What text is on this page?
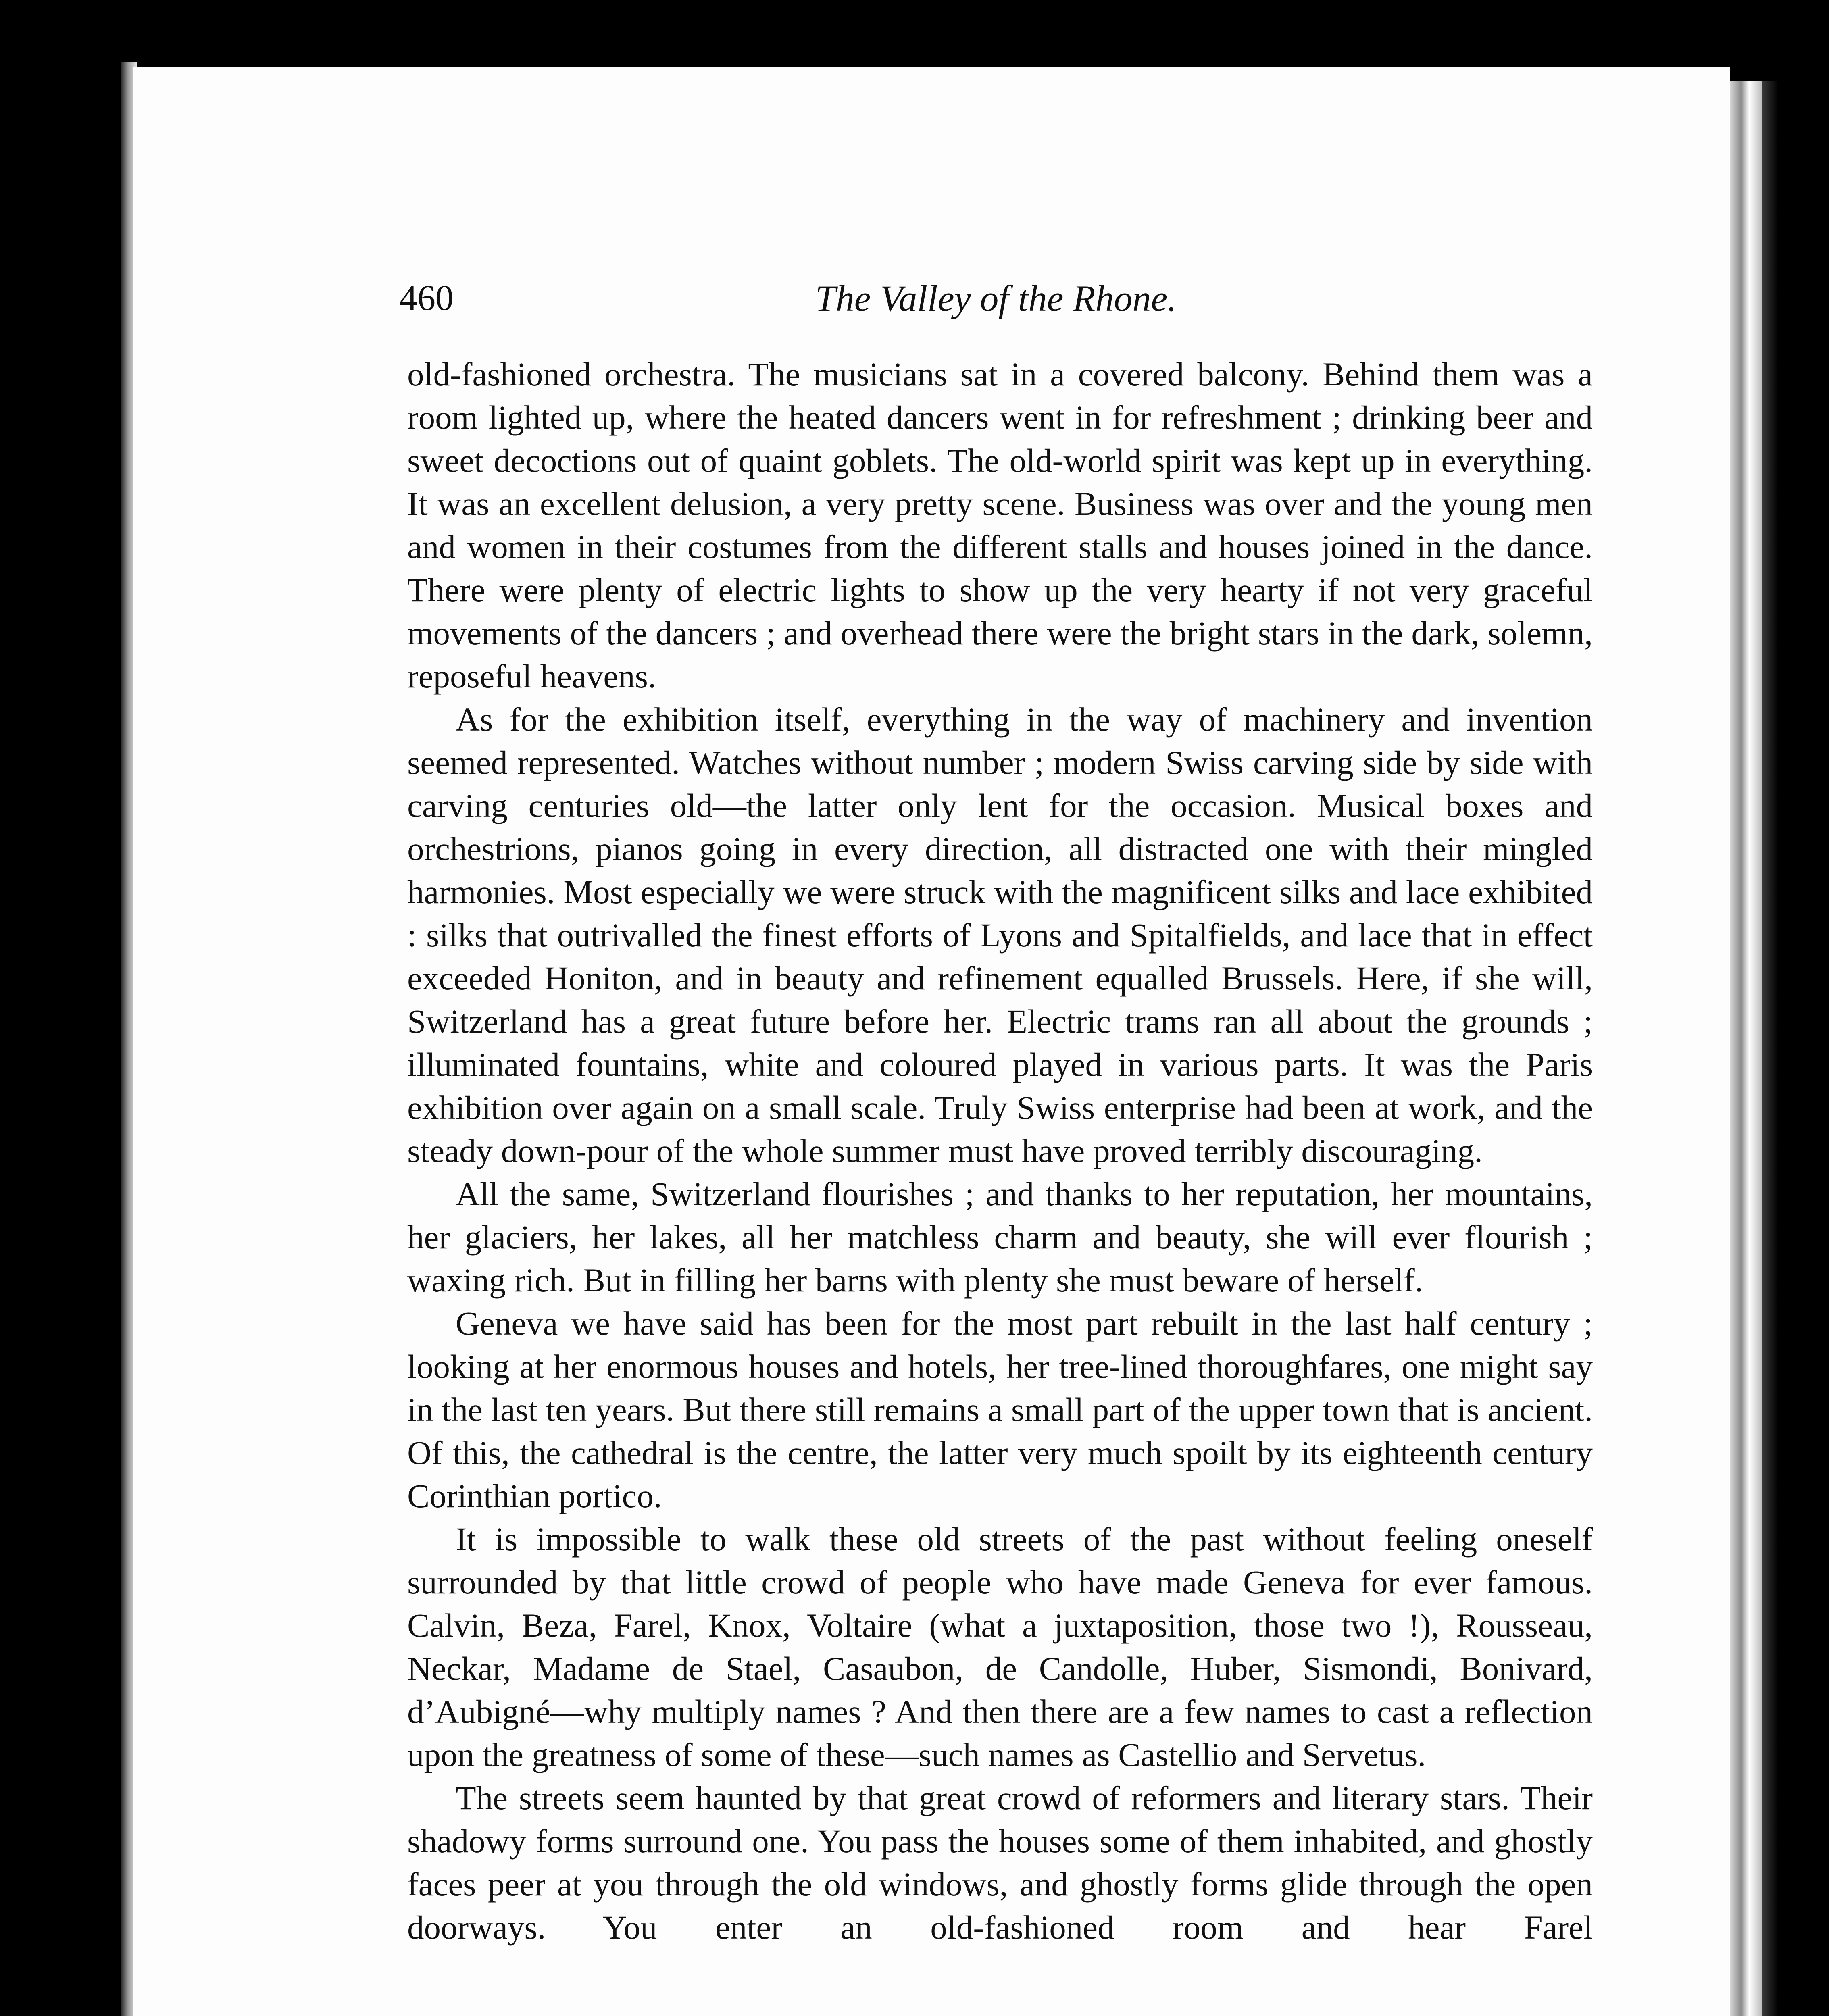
460	The Valley of the Rhone.

old-fashioned orchestra. The musicians sat in a covered balcony. Behind them was a room lighted up, where the heated dancers went in for refreshment ; drinking beer and sweet decoctions out of quaint goblets. The old-world spirit was kept up in everything. It was an excellent delusion, a very pretty scene. Business was over and the young men and women in their costumes from the different stalls and houses joined in the dance. There were plenty of electric lights to show up the very hearty if not very graceful movements of the dancers ; and overhead there were the bright stars in the dark, solemn, reposeful heavens.

As for the exhibition itself, everything in the way of machinery and invention seemed represented. Watches without number ; modern Swiss carving side by side with carving centuries old—the latter only lent for the occasion. Musical boxes and orchestrions, pianos going in every direction, all distracted one with their mingled harmonies. Most especially we were struck with the magnificent silks and lace exhibited : silks that outrivalled the finest efforts of Lyons and Spitalfields, and lace that in effect exceeded Honiton, and in beauty and refinement equalled Brussels. Here, if she will, Switzerland has a great future before her. Electric trams ran all about the grounds ; illuminated fountains, white and coloured played in various parts. It was the Paris exhibition over again on a small scale. Truly Swiss enterprise had been at work, and the steady down-pour of the whole summer must have proved terribly discouraging.

All the same, Switzerland flourishes ; and thanks to her reputation, her mountains, her glaciers, her lakes, all her matchless charm and beauty, she will ever flourish ; waxing rich. But in filling her barns with plenty she must beware of herself.

Geneva we have said has been for the most part rebuilt in the last half century ; looking at her enormous houses and hotels, her tree-lined thoroughfares, one might say in the last ten years. But there still remains a small part of the upper town that is ancient. Of this, the cathedral is the centre, the latter very much spoilt by its eighteenth century Corinthian portico.

It is impossible to walk these old streets of the past without feeling oneself surrounded by that little crowd of people who have made Geneva for ever famous. Calvin, Beza, Farel, Knox, Voltaire (what a juxtaposition, those two !), Rousseau, Neckar, Madame de Stael, Casaubon, de Candolle, Huber, Sismondi, Bonivard, d’Aubigné—why multiply names ? And then there are a few names to cast a reflection upon the greatness of some of these—such names as Castellio and Servetus.

The streets seem haunted by that great crowd of reformers and literary stars. Their shadowy forms surround one. You pass the houses some of them inhabited, and ghostly faces peer at you through the old windows, and ghostly forms glide through the open doorways. You enter an old-fashioned room and hear Farel
